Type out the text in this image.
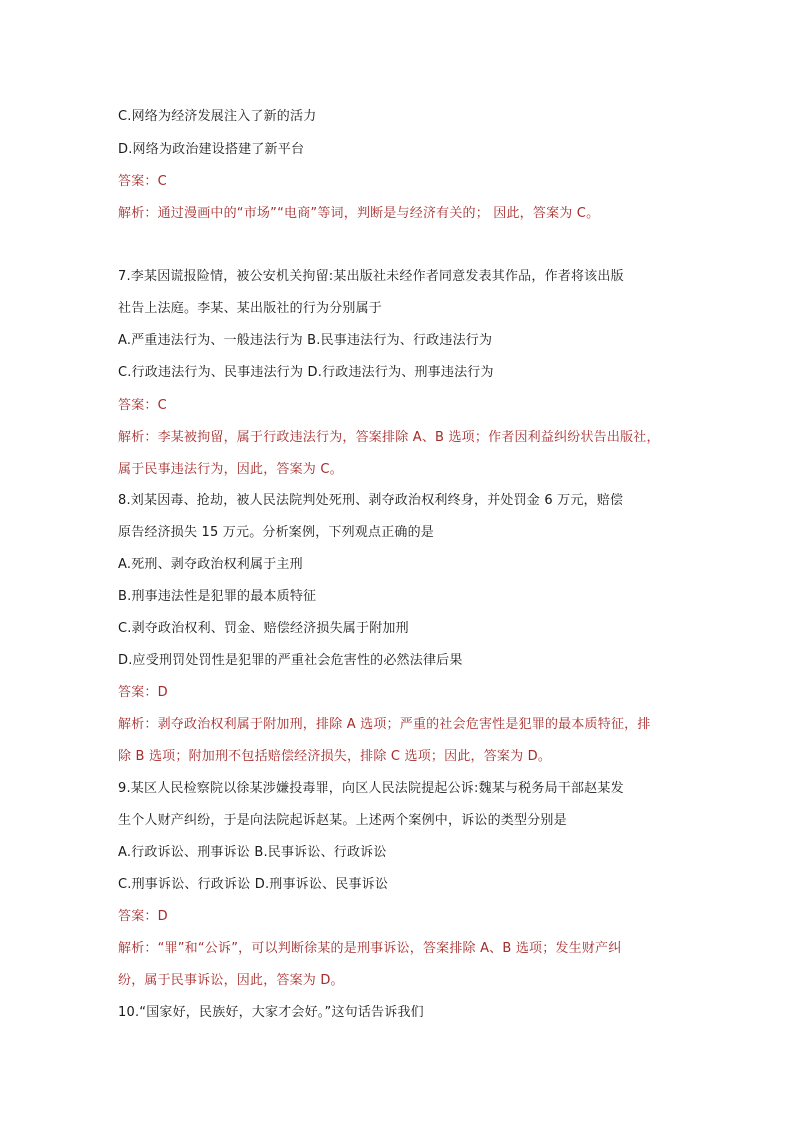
C.网络为经济发展注入了新的活力
D.网络为政治建设搭建了新平台
答案：C
解析：通过漫画中的“市场”“电商”等词，判断是与经济有关的； 因此，答案为 C。
7.李某因谎报险情，被公安机关拘留:某出版社未经作者同意发表其作品，作者将该出版
社告上法庭。李某、某出版社的行为分别属于
A.严重违法行为、一般违法行为 B.民事违法行为、行政违法行为
C.行政违法行为、民事违法行为 D.行政违法行为、刑事违法行为
答案：C
解析：李某被拘留，属于行政违法行为，答案排除 A、B 选项；作者因利益纠纷状告出版社，
属于民事违法行为，因此，答案为 C。
8.刘某因毒、抢劫，被人民法院判处死刑、剥夺政治权利终身，并处罚金 6 万元，赔偿
原告经济损失 15 万元。分析案例，下列观点正确的是
A.死刑、剥夺政治权利属于主刑
B.刑事违法性是犯罪的最本质特征
C.剥夺政治权利、罚金、赔偿经济损失属于附加刑
D.应受刑罚处罚性是犯罪的严重社会危害性的必然法律后果
答案：D
解析：剥夺政治权利属于附加刑，排除 A 选项；严重的社会危害性是犯罪的最本质特征，排
除 B 选项；附加刑不包括赔偿经济损失，排除 C 选项；因此，答案为 D。
9.某区人民检察院以徐某涉嫌投毒罪，向区人民法院提起公诉:魏某与税务局干部赵某发
生个人财产纠纷，于是向法院起诉赵某。上述两个案例中，诉讼的类型分别是
A.行政诉讼、刑事诉讼 B.民事诉讼、行政诉讼
C.刑事诉讼、行政诉讼 D.刑事诉讼、民事诉讼
答案：D
解析：“罪”和“公诉”，可以判断徐某的是刑事诉讼，答案排除 A、B 选项；发生财产纠
纷，属于民事诉讼，因此，答案为 D。
10.“国家好，民族好，大家才会好。”这句话告诉我们
